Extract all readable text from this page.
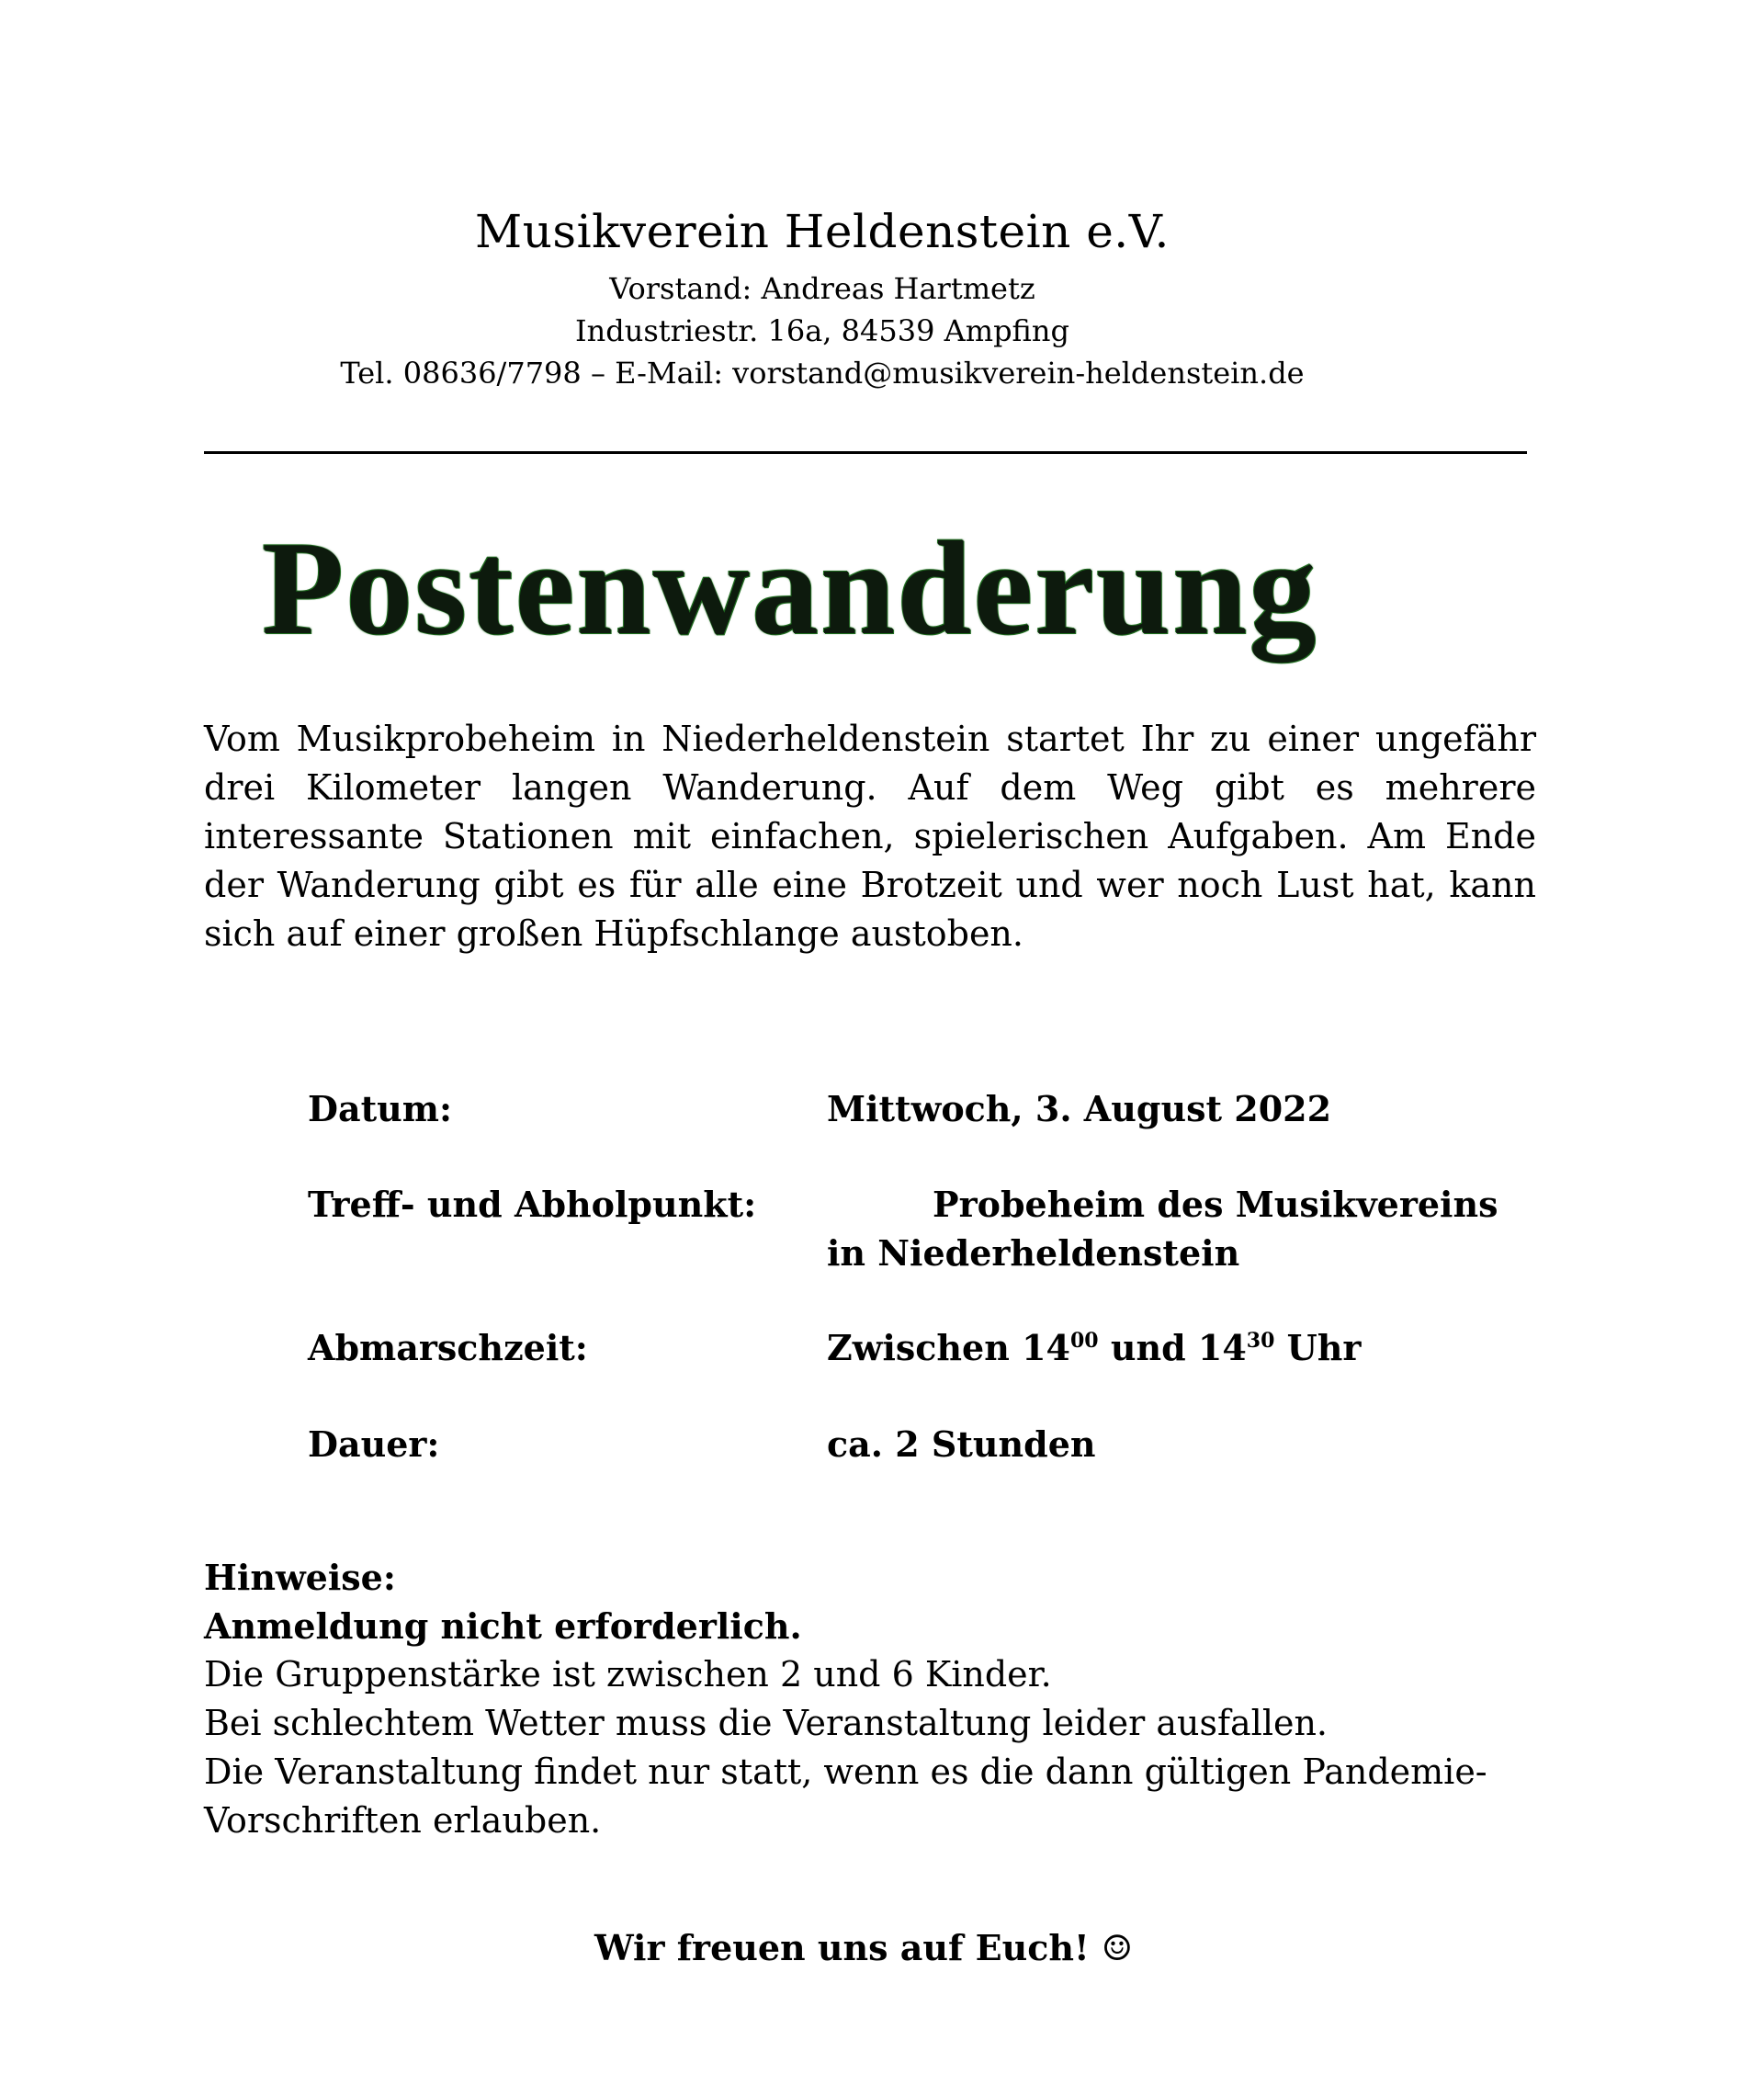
Musikverein Heldenstein e.V.
Vorstand: Andreas Hartmetz
Industriestr. 16a, 84539 Ampfing
Tel. 08636/7798 – E-Mail: vorstand@musikverein-heldenstein.de
Postenwanderung
Vom Musikprobeheim in Niederheldenstein startet Ihr zu einer ungefähr drei Kilometer langen Wanderung. Auf dem Weg gibt es mehrere interessante Stationen mit einfachen, spielerischen Aufgaben. Am Ende der Wanderung gibt es für alle eine Brotzeit und wer noch Lust hat, kann sich auf einer großen Hüpfschlange austoben.
Datum:	Mittwoch, 3. August 2022
Treff- und Abholpunkt:	Probeheim des Musikvereins
in Niederheldenstein
Abmarschzeit:	Zwischen $14^{00}$ und $14^{30}$ Uhr
Dauer:	ca. 2 Stunden
Hinweise:
Anmeldung nicht erforderlich.
Die Gruppenstärke ist zwischen 2 und 6 Kinder.
Bei schlechtem Wetter muss die Veranstaltung leider ausfallen.
Die Veranstaltung findet nur statt, wenn es die dann gültigen Pandemie-
Vorschriften erlauben.
Wir freuen uns auf Euch! ☺
